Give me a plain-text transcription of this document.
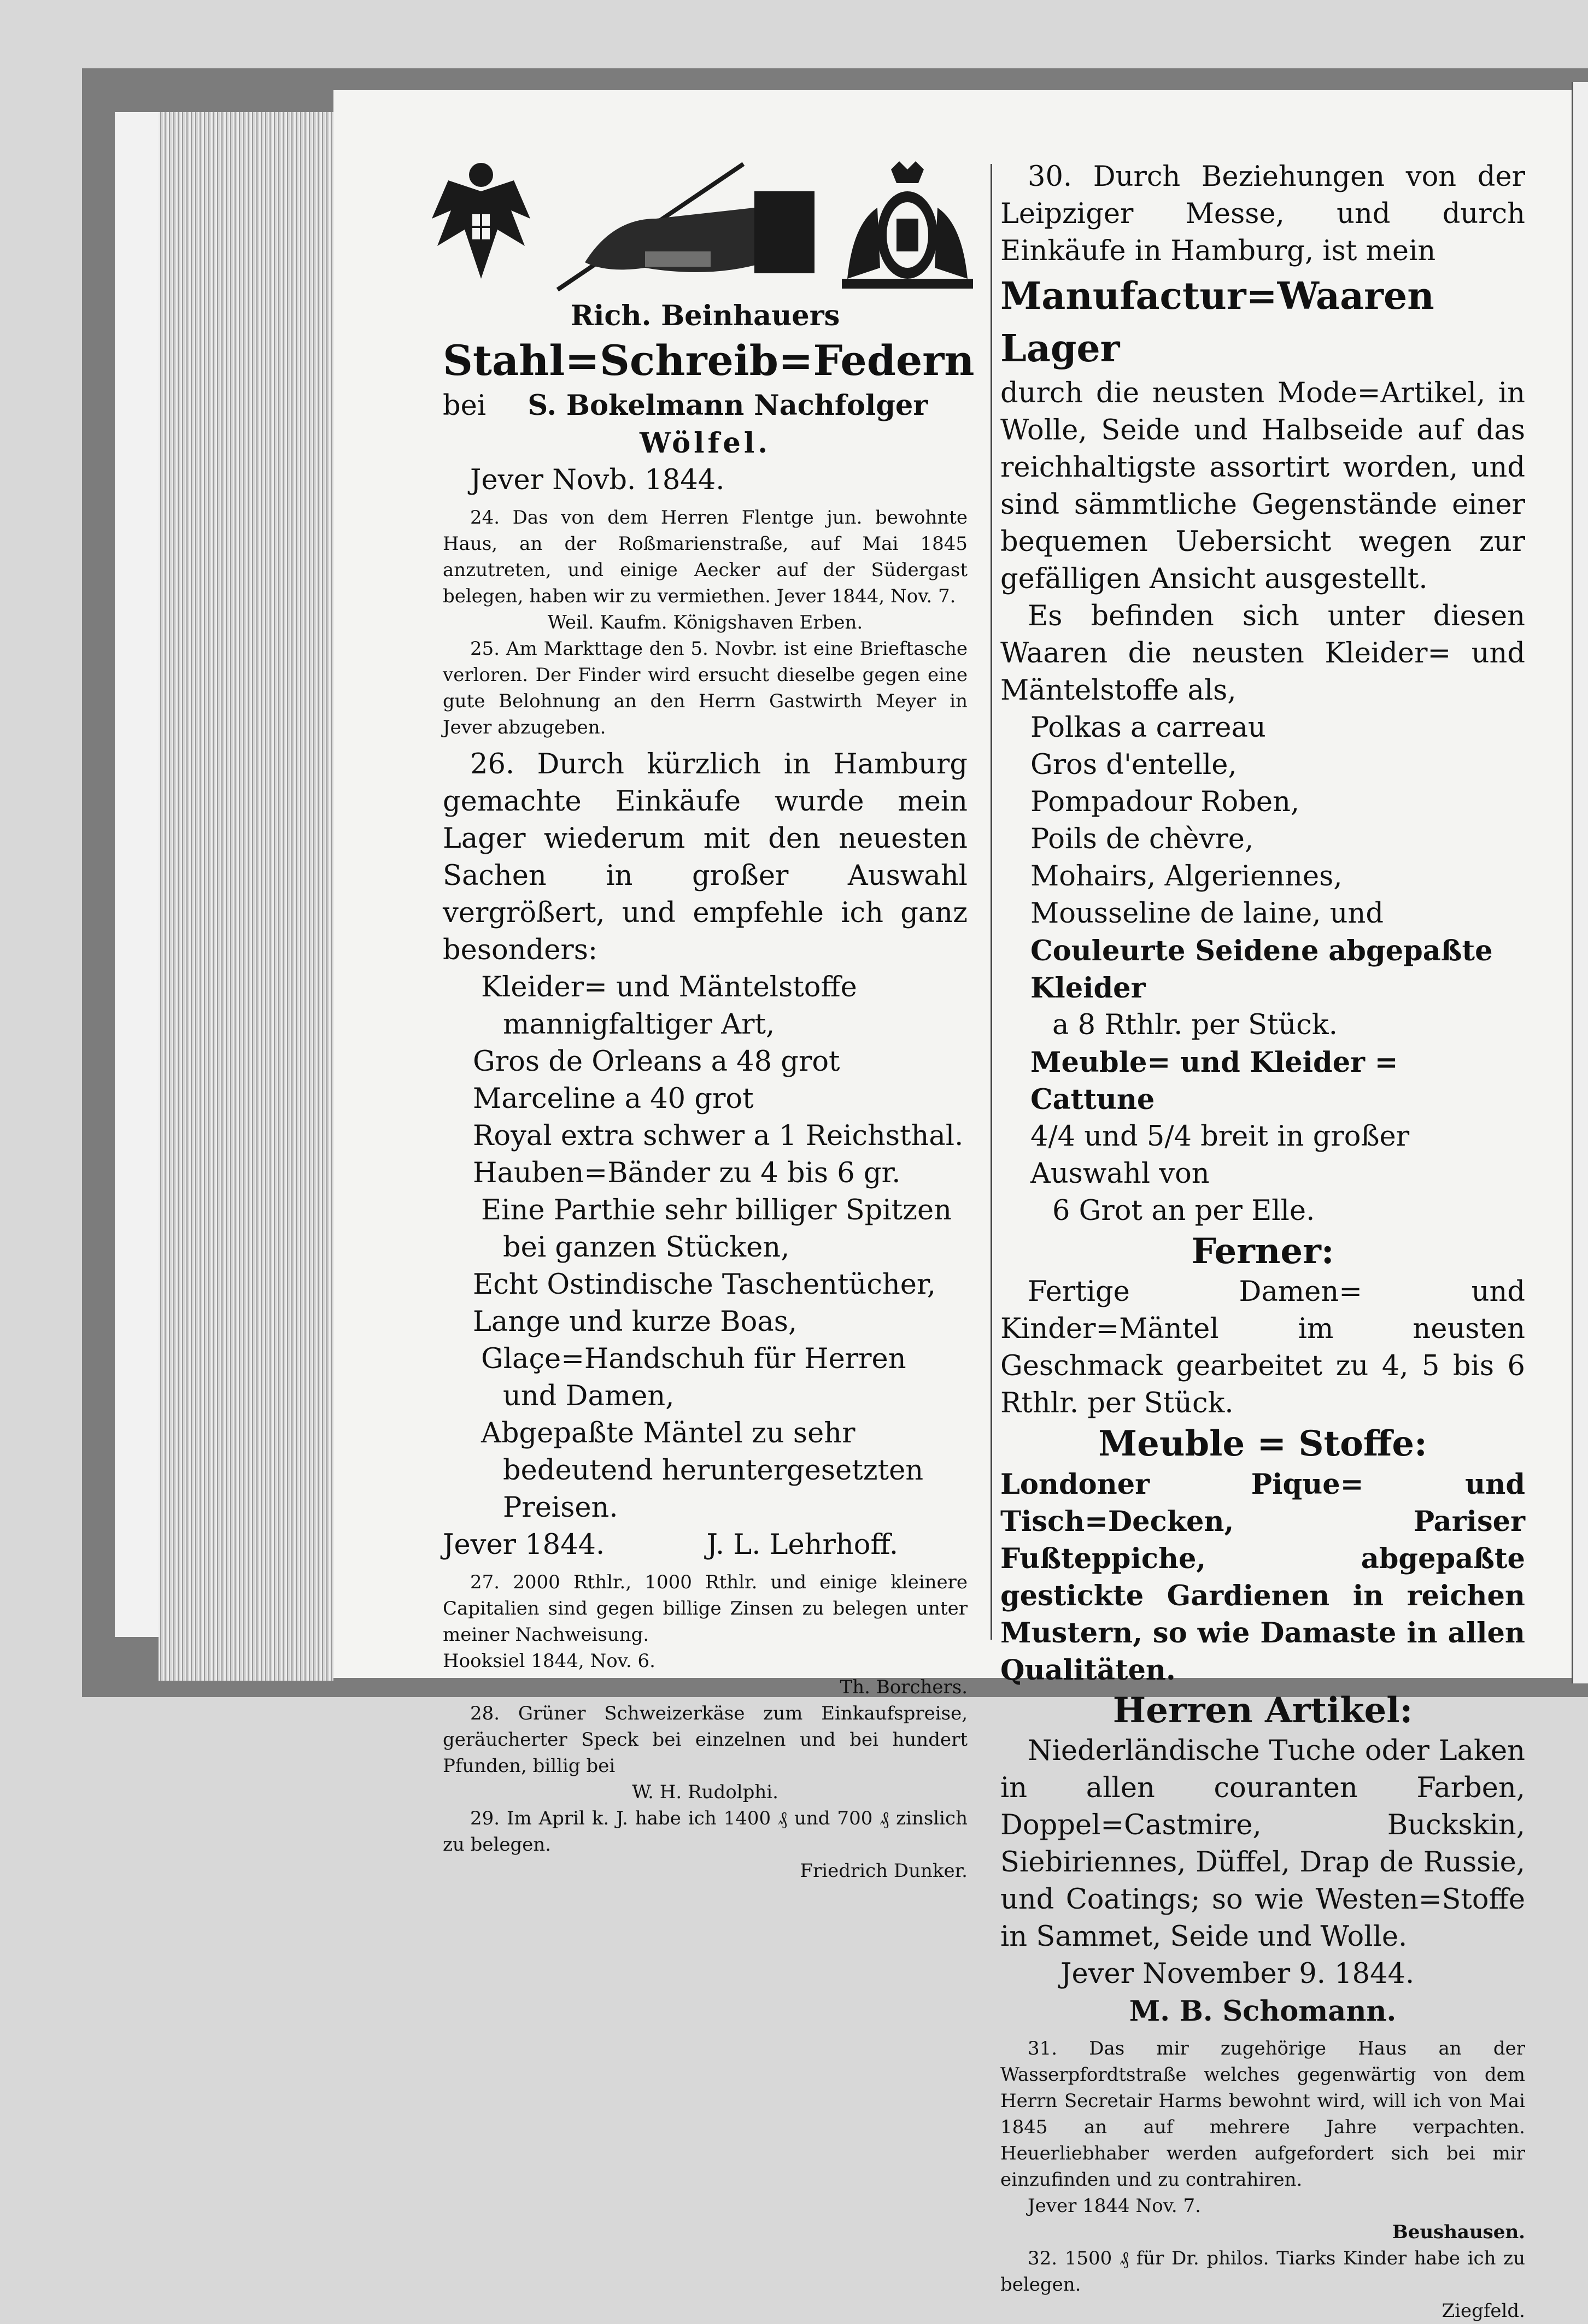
Rich. Beinhauers

Stahl=Schreib=Federn

bei S. Bokelmann Nachfolger

Wölfel.

Jever Novb. 1844.

24. Das von dem Herren Flentge jun. bewohnte Haus, an der Roßmarienstraße, auf Mai 1845 anzutreten, und einige Aecker auf der Südergast belegen, haben wir zu vermiethen. Jever 1844, Nov. 7.

Weil. Kaufm. Königshaven Erben.

25. Am Markttage den 5. Novbr. ist eine Brieftasche verloren. Der Finder wird ersucht dieselbe gegen eine gute Belohnung an den Herrn Gastwirth Meyer in Jever abzugeben.

26. Durch kürzlich in Hamburg gemachte Einkäufe wurde mein Lager wiederum mit den neuesten Sachen in großer Auswahl vergrößert, und empfehle ich ganz besonders:

Kleider= und Mäntelstoffe mannigfaltiger Art,

Gros de Orleans a 48 grot

Marceline a 40 grot

Royal extra schwer a 1 Reichsthal.

Hauben=Bänder zu 4 bis 6 gr.

Eine Parthie sehr billiger Spitzen bei ganzen Stücken,

Echt Ostindische Taschentücher,

Lange und kurze Boas,

Glaçe=Handschuh für Herren und Damen,

Abgepaßte Mäntel zu sehr bedeutend heruntergesetzten Preisen.

Jever 1844.	J. L. Lehrhoff.

27. 2000 Rthlr., 1000 Rthlr. und einige kleinere Capitalien sind gegen billige Zinsen zu belegen unter meiner Nachweisung.

Hooksiel 1844, Nov. 6.

Th. Borchers.

28. Grüner Schweizerkäse zum Einkaufspreise, geräucherter Speck bei einzelnen und bei hundert Pfunden, billig bei

W. H. Rudolphi.

29. Im April k. J. habe ich 1400 ₰ und 700 ₰ zinslich zu belegen.

Friedrich Dunker.

30. Durch Beziehungen von der Leipziger Messe, und durch Einkäufe in Hamburg, ist mein

Manufactur=Waaren Lager

durch die neusten Mode=Artikel, in Wolle, Seide und Halbseide auf das reichhaltigste assortirt worden, und sind sämmtliche Gegenstände einer bequemen Uebersicht wegen zur gefälligen Ansicht ausgestellt.

Es befinden sich unter diesen Waaren die neusten Kleider= und Mäntelstoffe als,

Polkas a carreau

Gros d'entelle,

Pompadour Roben,

Poils de chèvre,

Mohairs, Algeriennes,

Mousseline de laine, und

Couleurte Seidene abgepaßte Kleider

a 8 Rthlr. per Stück.

Meuble= und Kleider = Cattune

4/4 und 5/4 breit in großer Auswahl von

6 Grot an per Elle.

Ferner:

Fertige Damen= und Kinder=Mäntel im neusten Geschmack gearbeitet zu 4, 5 bis 6 Rthlr. per Stück.

Meuble = Stoffe:

Londoner Pique= und Tisch=Decken, Pariser Fußteppiche, abgepaßte gestickte Gardienen in reichen Mustern, so wie Damaste in allen Qualitäten.

Herren Artikel:

Niederländische Tuche oder Laken in allen couranten Farben, Doppel=Castmire, Buckskin, Siebiriennes, Düffel, Drap de Russie, und Coatings; so wie Westen=Stoffe in Sammet, Seide und Wolle.

Jever November 9. 1844.

M. B. Schomann.

31. Das mir zugehörige Haus an der Wasserpfordtstraße welches gegenwärtig von dem Herrn Secretair Harms bewohnt wird, will ich von Mai 1845 an auf mehrere Jahre verpachten. Heuerliebhaber werden aufgefordert sich bei mir einzufinden und zu contrahiren.

Jever 1844 Nov. 7.

Beushausen.

32. 1500 ₰ für Dr. philos. Tiarks Kinder habe ich zu belegen.

Ziegfeld.
